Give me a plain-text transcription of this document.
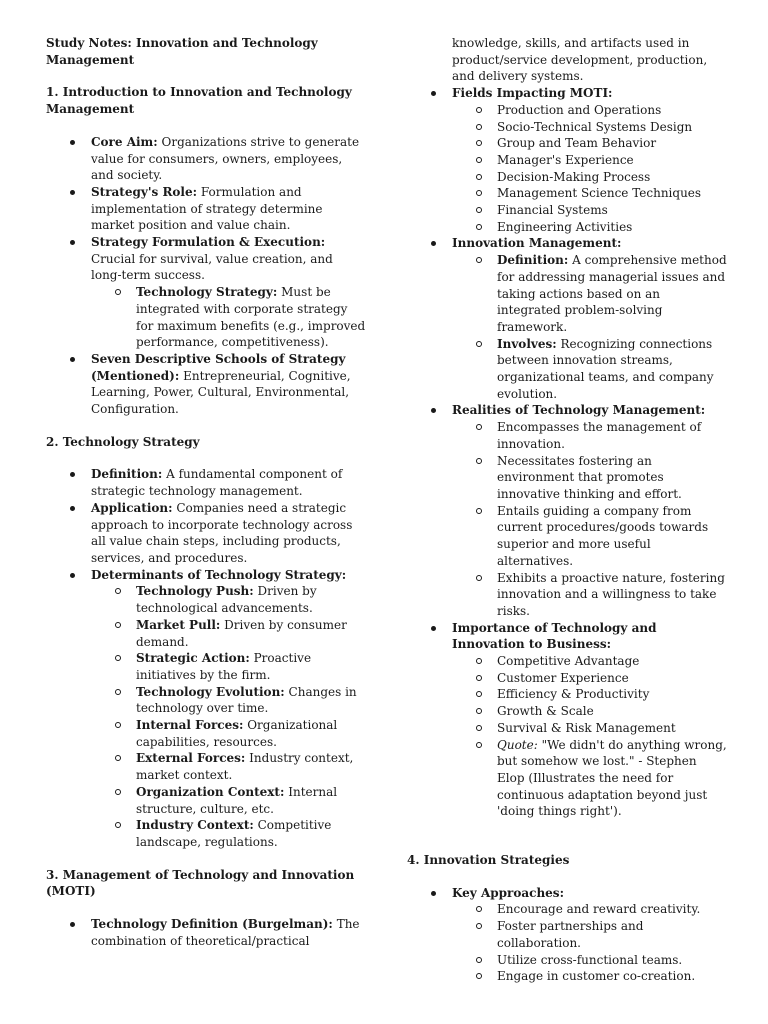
Study Notes: Innovation and Technology Management
1. Introduction to Innovation and Technology Management
Core Aim: Organizations strive to generate value for consumers, owners, employees, and society.
Strategy's Role: Formulation and implementation of strategy determine market position and value chain.
Strategy Formulation & Execution: Crucial for survival, value creation, and long-term success.
Technology Strategy: Must be integrated with corporate strategy for maximum benefits (e.g., improved performance, competitiveness).
Seven Descriptive Schools of Strategy (Mentioned): Entrepreneurial, Cognitive, Learning, Power, Cultural, Environmental, Configuration.
2. Technology Strategy
Definition: A fundamental component of strategic technology management.
Application: Companies need a strategic approach to incorporate technology across all value chain steps, including products, services, and procedures.
Determinants of Technology Strategy:
Technology Push: Driven by technological advancements.
Market Pull: Driven by consumer demand.
Strategic Action: Proactive initiatives by the firm.
Technology Evolution: Changes in technology over time.
Internal Forces: Organizational capabilities, resources.
External Forces: Industry context, market context.
Organization Context: Internal structure, culture, etc.
Industry Context: Competitive landscape, regulations.
3. Management of Technology and Innovation (MOTI)
Technology Definition (Burgelman): The combination of theoretical/practical
knowledge, skills, and artifacts used in product/service development, production, and delivery systems.
Fields Impacting MOTI:
Production and Operations
Socio-Technical Systems Design
Group and Team Behavior
Manager's Experience
Decision-Making Process
Management Science Techniques
Financial Systems
Engineering Activities
Innovation Management:
Definition: A comprehensive method for addressing managerial issues and taking actions based on an integrated problem-solving framework.
Involves: Recognizing connections between innovation streams, organizational teams, and company evolution.
Realities of Technology Management:
Encompasses the management of innovation.
Necessitates fostering an environment that promotes innovative thinking and effort.
Entails guiding a company from current procedures/goods towards superior and more useful alternatives.
Exhibits a proactive nature, fostering innovation and a willingness to take risks.
Importance of Technology and Innovation to Business:
Competitive Advantage
Customer Experience
Efficiency & Productivity
Growth & Scale
Survival & Risk Management
Quote: "We didn't do anything wrong, but somehow we lost." - Stephen Elop (Illustrates the need for continuous adaptation beyond just 'doing things right').
4. Innovation Strategies
Key Approaches:
Encourage and reward creativity.
Foster partnerships and collaboration.
Utilize cross-functional teams.
Engage in customer co-creation.
